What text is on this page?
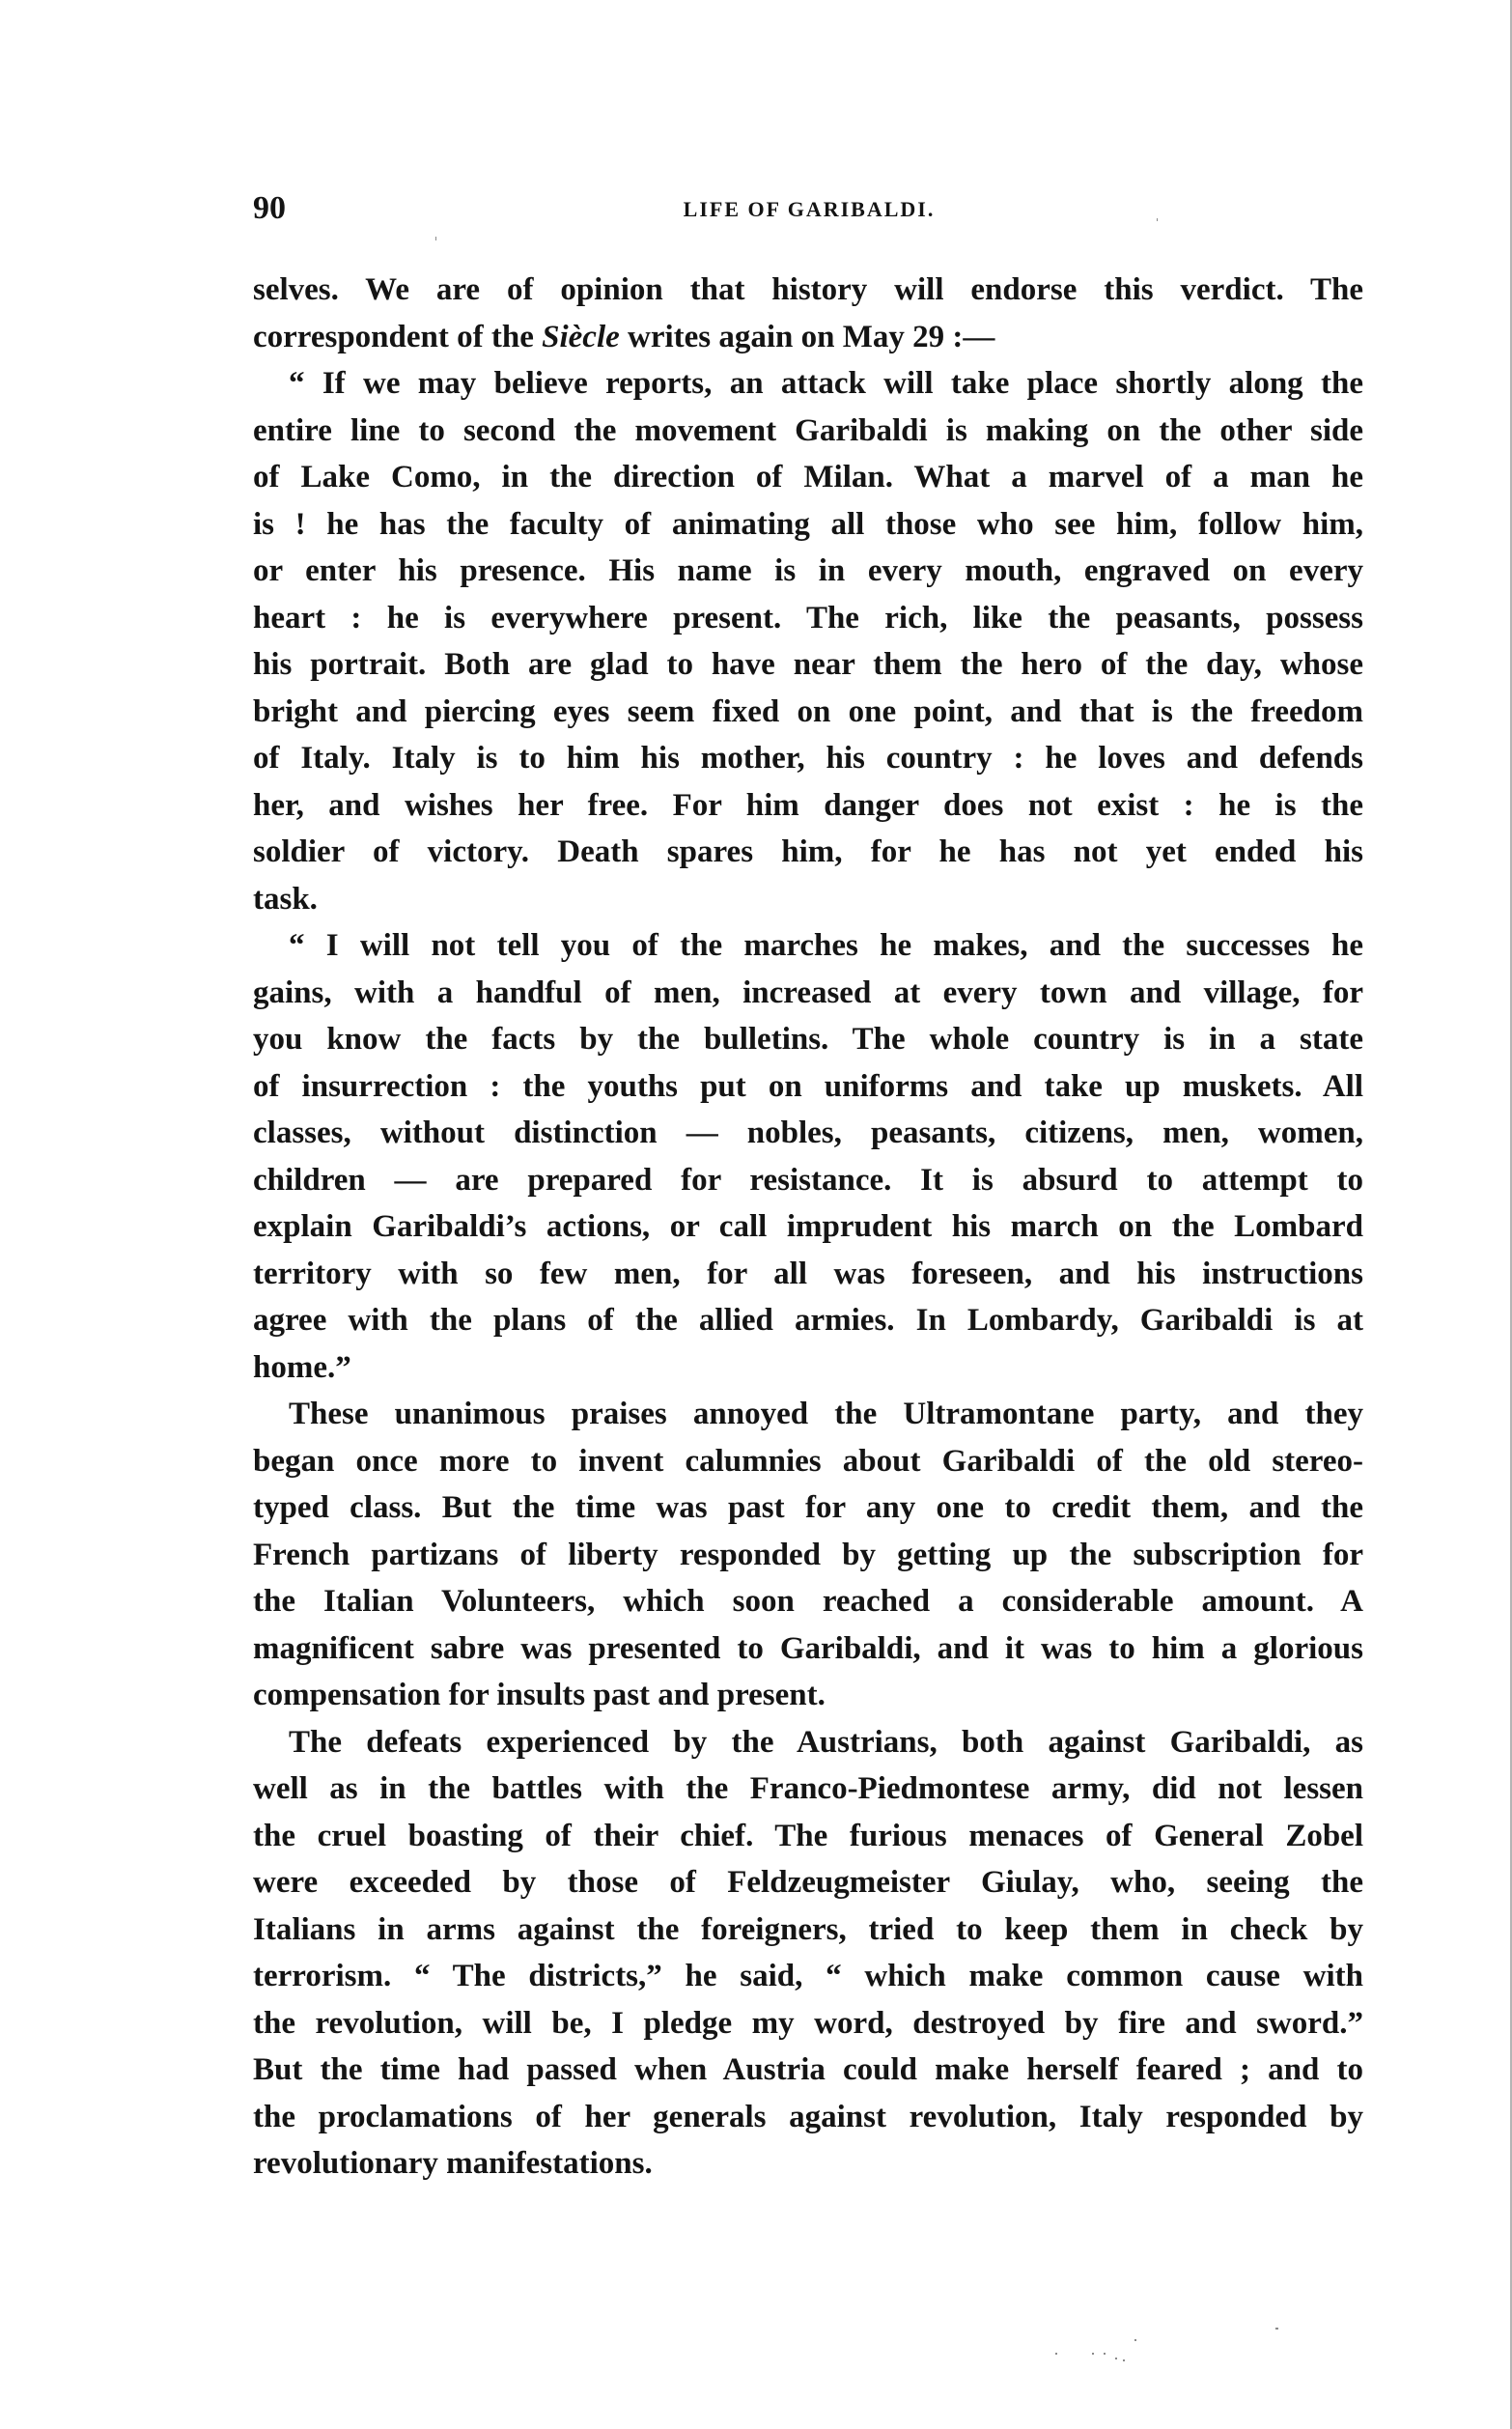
90	LIFE OF GARIBALDI.
selves. We are of opinion that history will endorse this verdict. The
correspondent of the Siècle writes again on May 29 :—
“ If we may believe reports, an attack will take place shortly along the
entire line to second the movement Garibaldi is making on the other side
of Lake Como, in the direction of Milan. What a marvel of a man he
is ! he has the faculty of animating all those who see him, follow him,
or enter his presence. His name is in every mouth, engraved on every
heart : he is everywhere present. The rich, like the peasants, possess
his portrait. Both are glad to have near them the hero of the day, whose
bright and piercing eyes seem fixed on one point, and that is the freedom
of Italy. Italy is to him his mother, his country : he loves and defends
her, and wishes her free. For him danger does not exist : he is the
soldier of victory. Death spares him, for he has not yet ended his
task.
“ I will not tell you of the marches he makes, and the successes he
gains, with a handful of men, increased at every town and village, for
you know the facts by the bulletins. The whole country is in a state
of insurrection : the youths put on uniforms and take up muskets. All
classes, without distinction — nobles, peasants, citizens, men, women,
children — are prepared for resistance. It is absurd to attempt to
explain Garibaldi’s actions, or call imprudent his march on the Lombard
territory with so few men, for all was foreseen, and his instructions
agree with the plans of the allied armies. In Lombardy, Garibaldi is at
home.”
These unanimous praises annoyed the Ultramontane party, and they
began once more to invent calumnies about Garibaldi of the old stereo-
typed class. But the time was past for any one to credit them, and the
French partizans of liberty responded by getting up the subscription for
the Italian Volunteers, which soon reached a considerable amount. A
magnificent sabre was presented to Garibaldi, and it was to him a glorious
compensation for insults past and present.
The defeats experienced by the Austrians, both against Garibaldi, as
well as in the battles with the Franco-Piedmontese army, did not lessen
the cruel boasting of their chief. The furious menaces of General Zobel
were exceeded by those of Feldzeugmeister Giulay, who, seeing the
Italians in arms against the foreigners, tried to keep them in check by
terrorism. “ The districts,” he said, “ which make common cause with
the revolution, will be, I pledge my word, destroyed by fire and sword.”
But the time had passed when Austria could make herself feared ; and to
the proclamations of her generals against revolution, Italy responded by
revolutionary manifestations.
